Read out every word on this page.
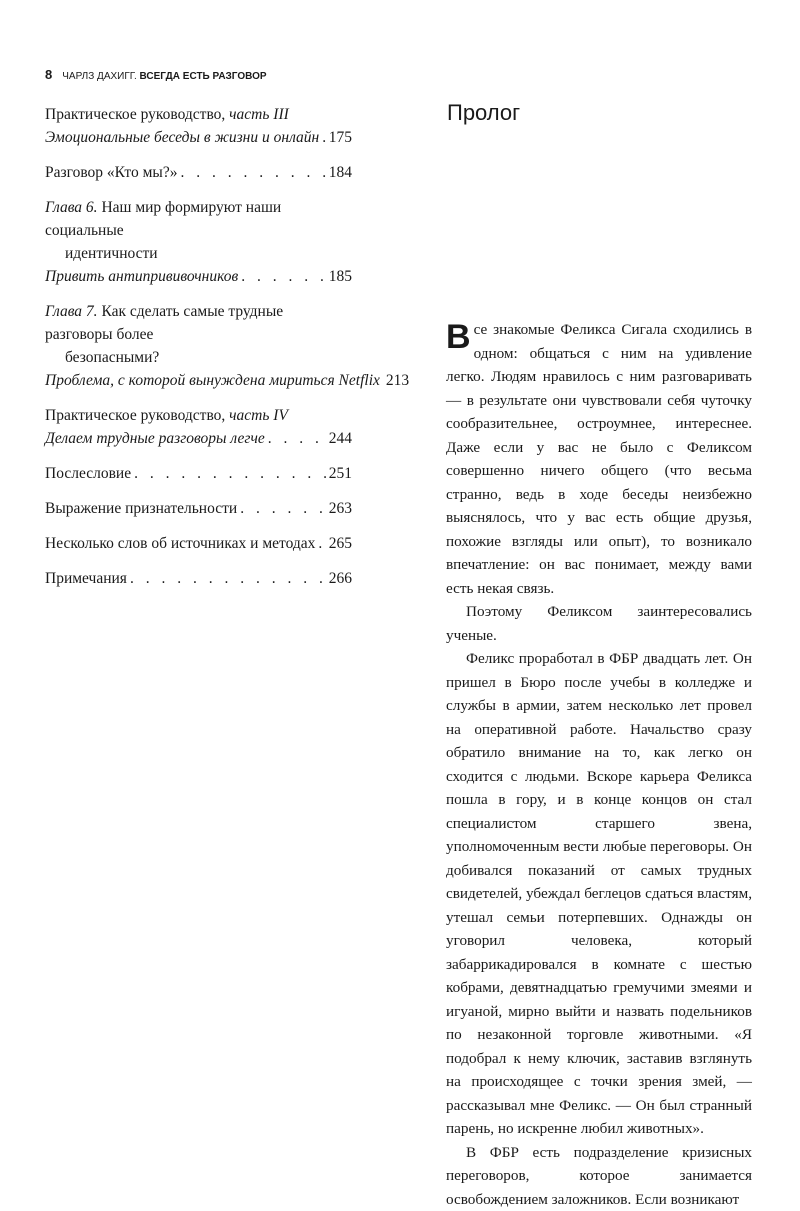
8 ЧАРЛЗ ДАХИГГ. ВСЕГДА ЕСТЬ РАЗГОВОР
Практическое руководство, часть III
Эмоциональные беседы в жизни и онлайн . . . 175
Разговор «Кто мы?» . . .	184
Глава 6. Наш мир формируют наши социальные
идентичности
Привить антипрививочников . . .	185
Глава 7. Как сделать самые трудные разговоры более
безопасными?
Проблема, с которой вынуждена мириться Netflix 213
Практическое руководство, часть IV
Делаем трудные разговоры легче . . .	244
Послесловие . . .	251
Выражение признательности . . .	263
Несколько слов об источниках и методах . . . 265
Примечания . . .	266
Пролог

Все знакомые Феликса Сигала сходились в одном: общаться с ним на удивление легко. Людям нравилось с ним разговаривать — в результате они чувствовали себя чуточку сообразительнее, остроумнее, интереснее. Даже если у вас не было с Феликсом совершенно ничего общего (что весьма странно, ведь в ходе беседы неизбежно выяснялось, что у вас есть общие друзья, похожие взгляды или опыт), то возникало впечатление: он вас понимает, между вами есть некая связь.

Поэтому Феликсом заинтересовались ученые.

Феликс проработал в ФБР двадцать лет. Он пришел в Бюро после учебы в колледже и службы в армии, затем несколько лет провел на оперативной работе. Начальство сразу обратило внимание на то, как легко он сходится с людьми. Вскоре карьера Феликса пошла в гору, и в конце концов он стал специалистом старшего звена, уполномоченным вести любые переговоры. Он добивался показаний от самых трудных свидетелей, убеждал беглецов сдаться властям, утешал семьи потерпевших. Однажды он уговорил человека, который забаррикадировался в комнате с шестью кобрами, девятнадцатью гремучими змеями и игуаной, мирно выйти и назвать подельников по незаконной торговле животными. «Я подобрал к нему ключик, заставив взглянуть на происходящее с точки зрения змей, — рассказывал мне Феликс. — Он был странный парень, но искренне любил животных».

В ФБР есть подразделение кризисных переговоров, которое занимается освобождением заложников. Если возникают
